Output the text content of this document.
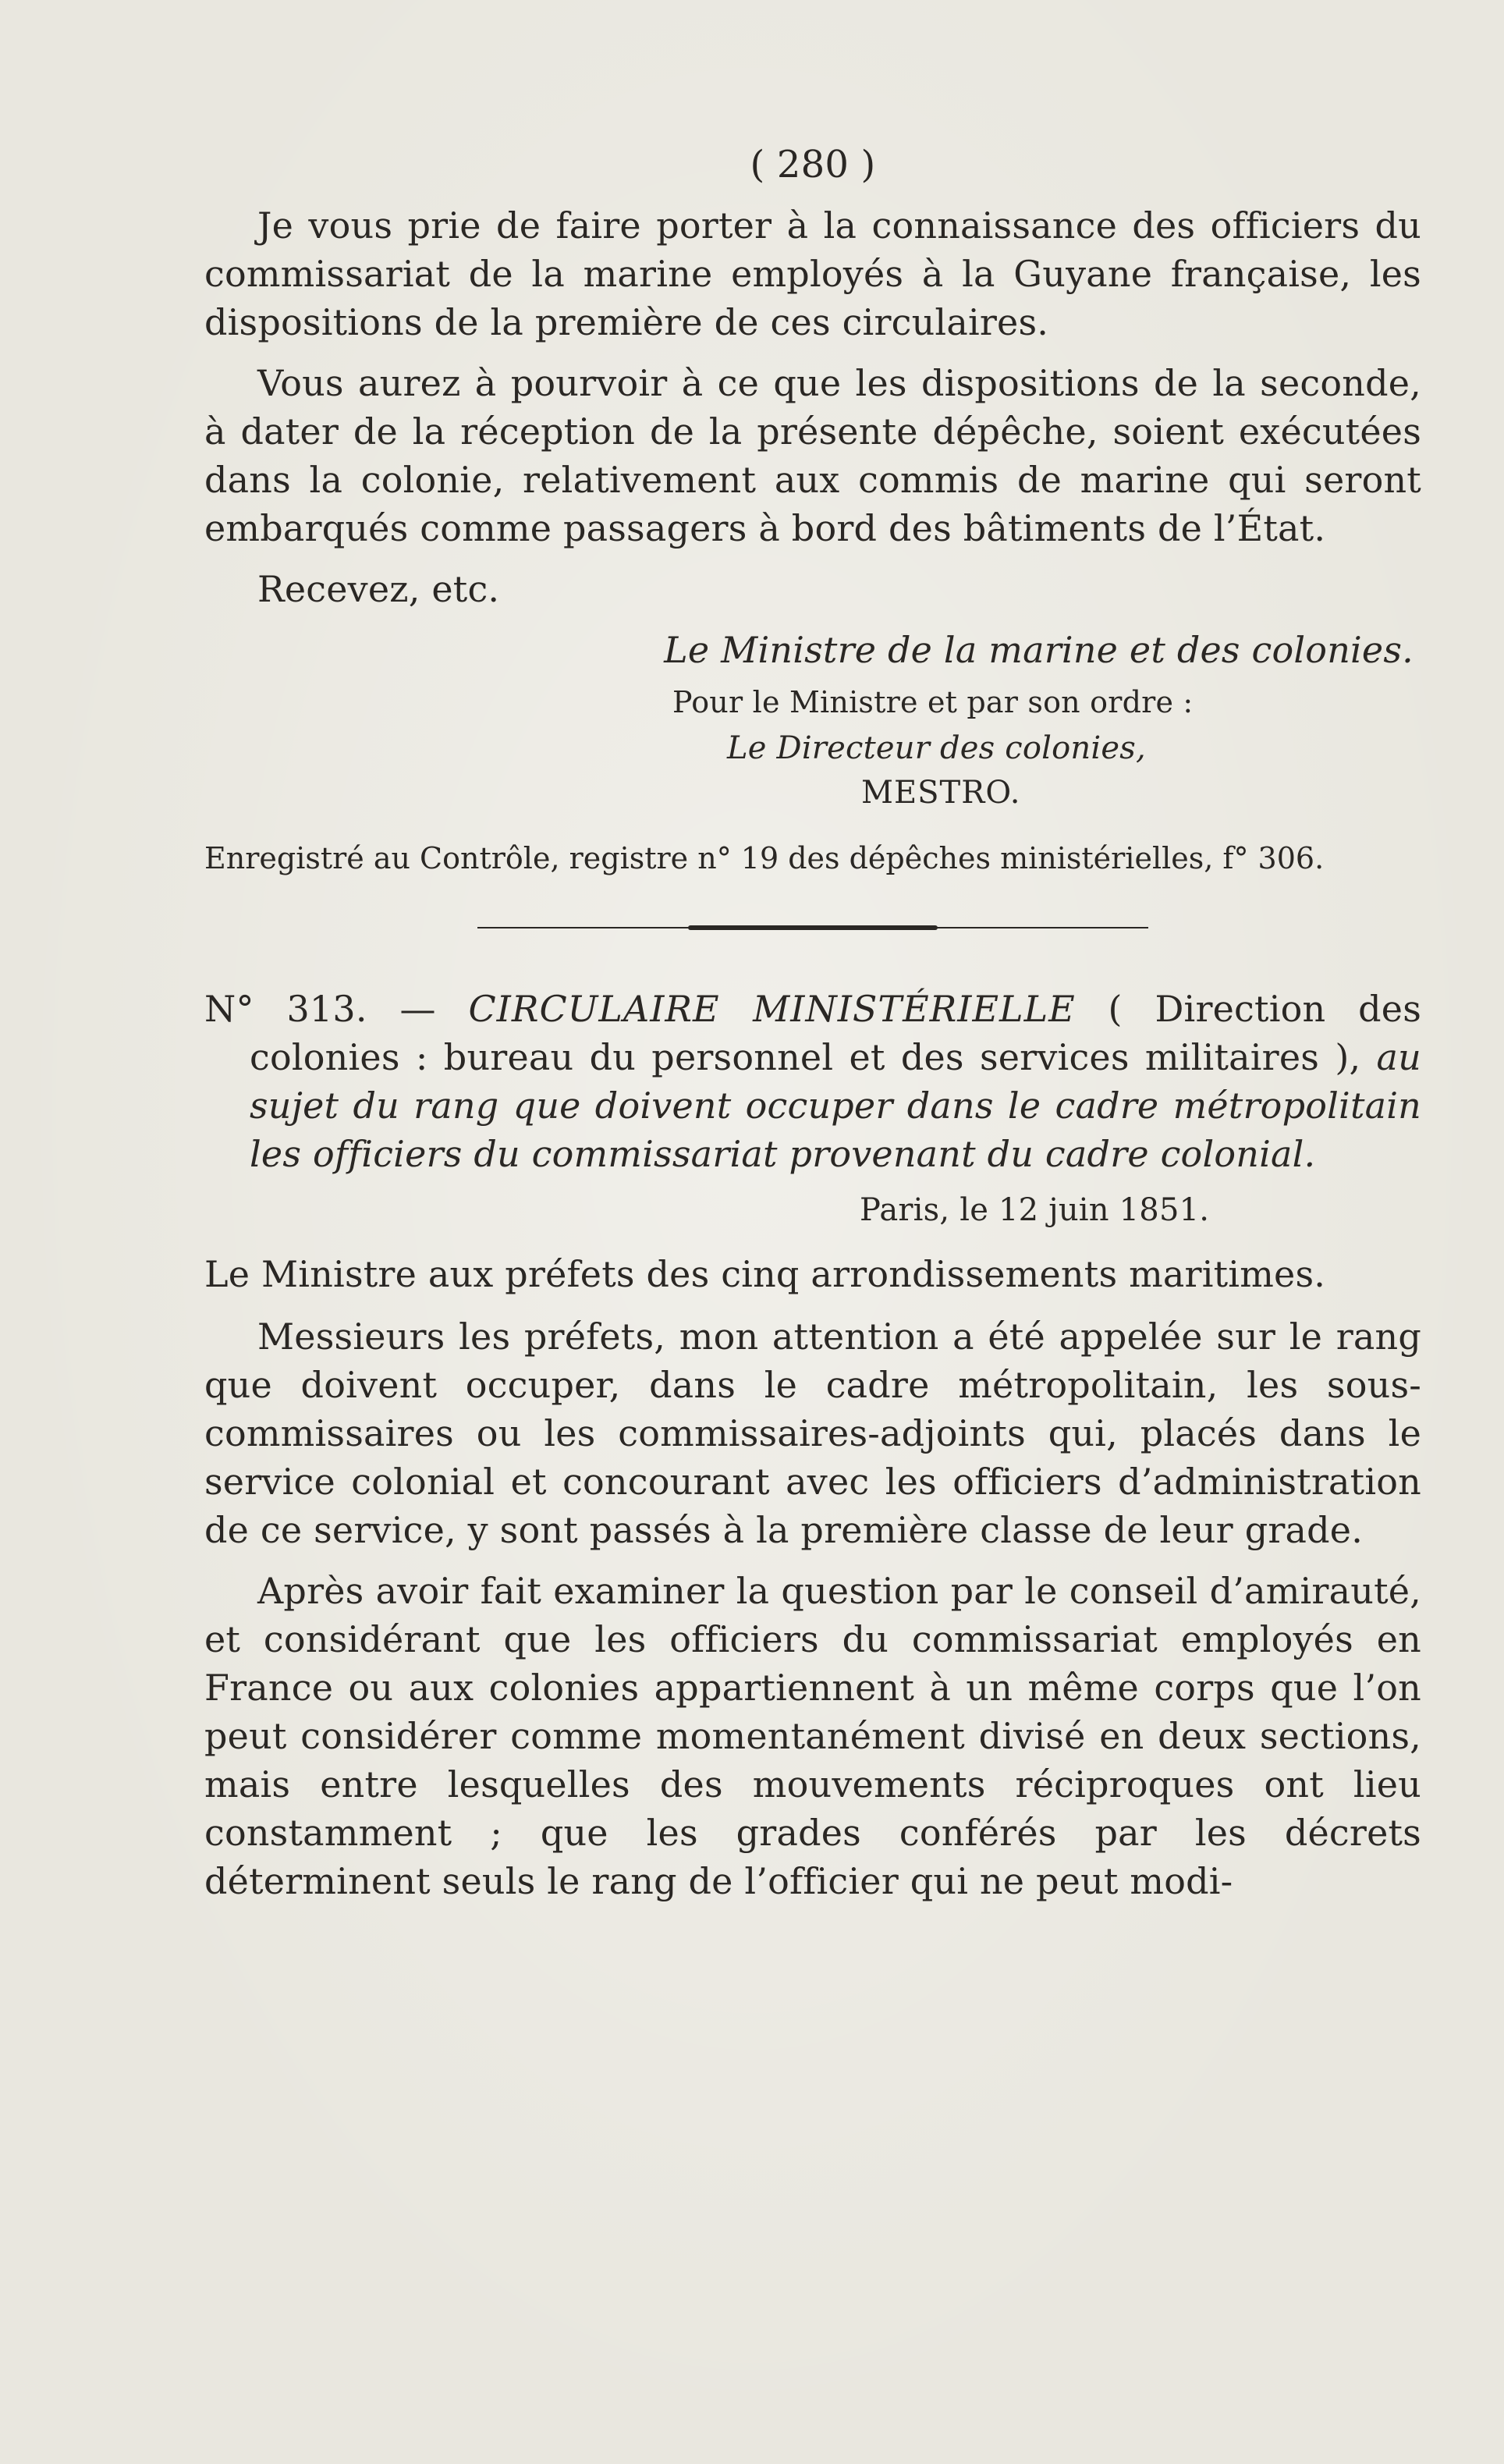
( 280 )

Je vous prie de faire porter à la connaissance des officiers du commissariat de la marine employés à la Guyane française, les dispositions de la première de ces circulaires.

Vous aurez à pourvoir à ce que les dispositions de la seconde, à dater de la réception de la présente dépêche, soient exécutées dans la colonie, relativement aux commis de marine qui seront embarqués comme passagers à bord des bâtiments de l’État.

Recevez, etc.

Le Ministre de la marine et des colonies.
Pour le Ministre et par son ordre :
Le Directeur des colonies,
MESTRO.
Enregistré au Contrôle, registre n° 19 des dépêches ministérielles, f° 306.

N° 313. — CIRCULAIRE MINISTÉRIELLE ( Direction des colonies : bureau du personnel et des services militaires ), au sujet du rang que doivent occuper dans le cadre métropolitain les officiers du commissariat provenant du cadre colonial.

Paris, le 12 juin 1851.

Le Ministre aux préfets des cinq arrondissements maritimes.

Messieurs les préfets, mon attention a été appelée sur le rang que doivent occuper, dans le cadre métropolitain, les sous-commissaires ou les commissaires-adjoints qui, placés dans le service colonial et concourant avec les officiers d’administration de ce service, y sont passés à la première classe de leur grade.

Après avoir fait examiner la question par le conseil d’amirauté, et considérant que les officiers du commissariat employés en France ou aux colonies appartiennent à un même corps que l’on peut considérer comme momentanément divisé en deux sections, mais entre lesquelles des mouvements réciproques ont lieu constamment ; que les grades conférés par les décrets déterminent seuls le rang de l’officier qui ne peut modi-
